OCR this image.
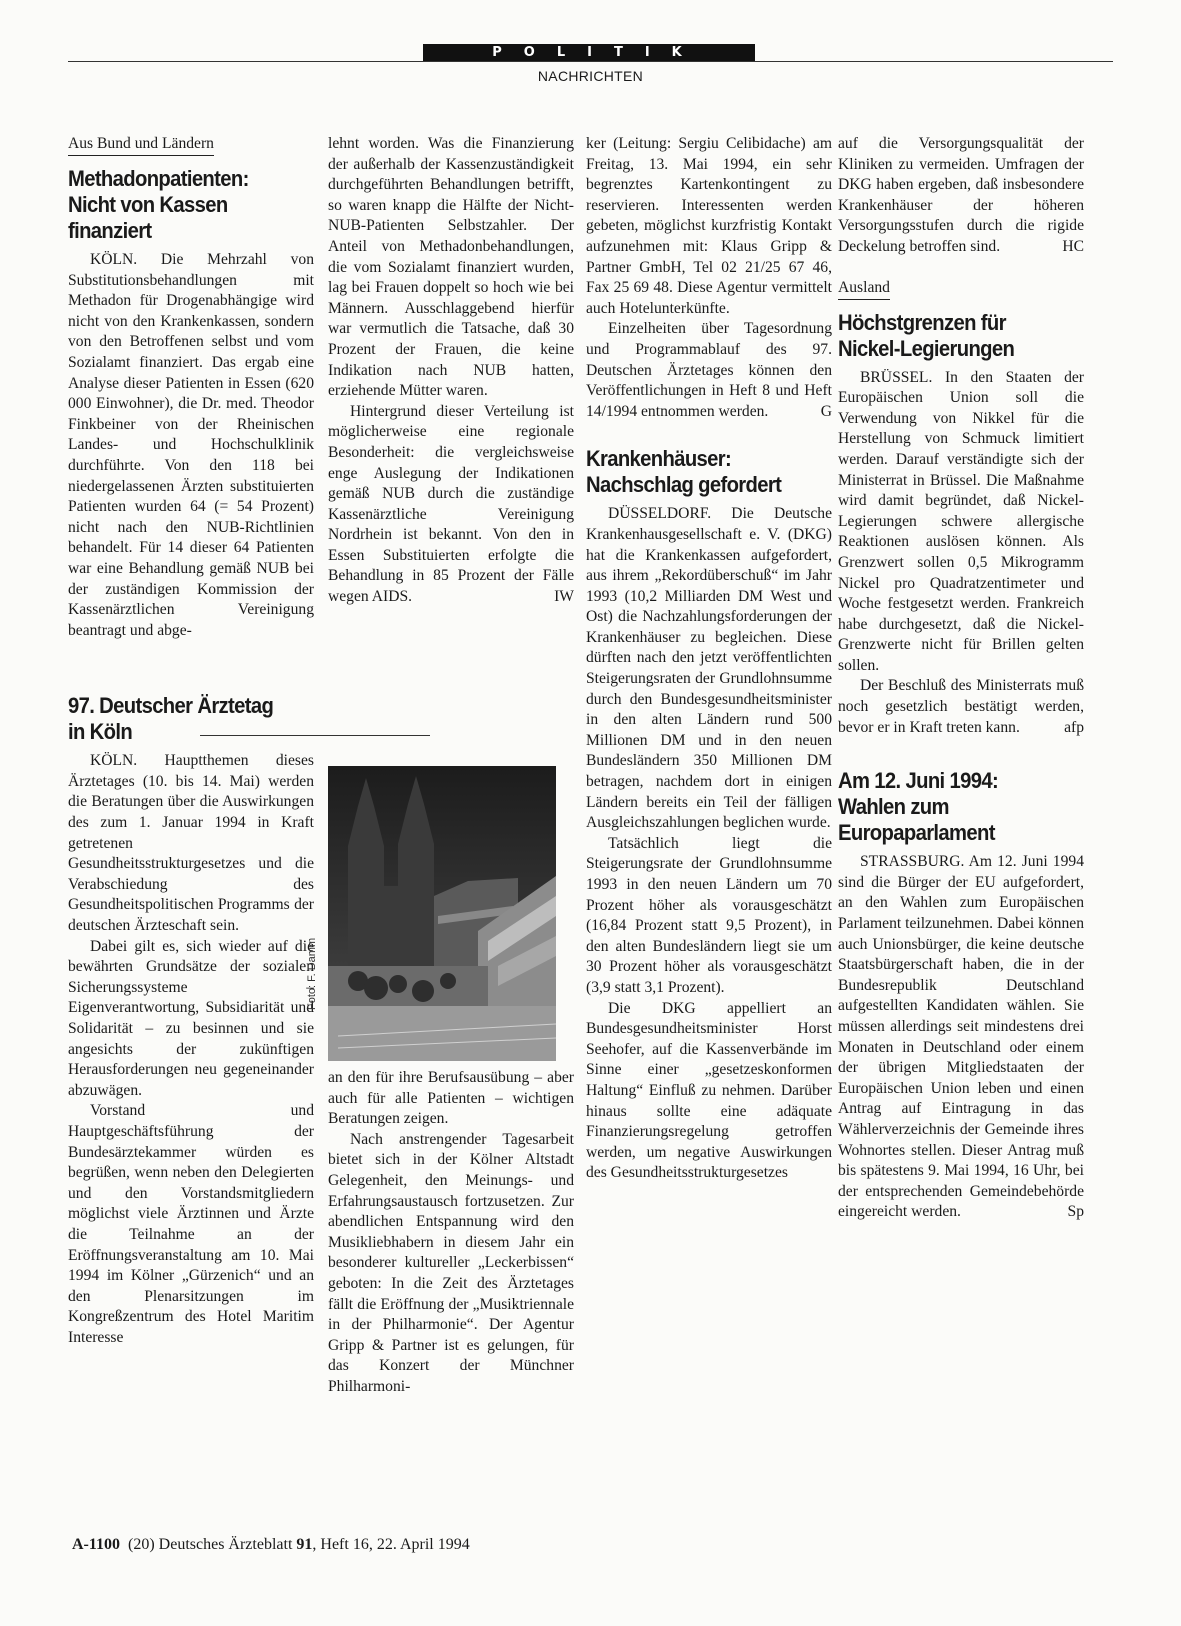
POLITIK
NACHRICHTEN
Aus Bund und Ländern
Methadonpatienten: Nicht von Kassen finanziert

KÖLN. Die Mehrzahl von Substitutionsbehandlungen mit Methadon für Drogenabhängige wird nicht von den Krankenkassen, sondern von den Betroffenen selbst und vom Sozialamt finanziert. Das ergab eine Analyse dieser Patienten in Essen (620 000 Einwohner), die Dr. med. Theodor Finkbeiner von der Rheinischen Landes- und Hochschulklinik durchführte. Von den 118 bei niedergelassenen Ärzten substituierten Patienten wurden 64 (= 54 Prozent) nicht nach den NUB-Richtlinien behandelt. Für 14 dieser 64 Patienten war eine Behandlung gemäß NUB bei der zuständigen Kommission der Kassenärztlichen Vereinigung beantragt und abge-

97. Deutscher Ärztetag in Köln

KÖLN. Hauptthemen dieses Ärztetages (10. bis 14. Mai) werden die Beratungen über die Auswirkungen des zum 1. Januar 1994 in Kraft getretenen Gesundheitsstrukturgesetzes und die Verabschiedung des Gesundheitspolitischen Programms der deutschen Ärzteschaft sein.

Dabei gilt es, sich wieder auf die bewährten Grundsätze der sozialen Sicherungssysteme – Eigenverantwortung, Subsidiarität und Solidarität – zu besinnen und sie angesichts der zukünftigen Herausforderungen neu gegeneinander abzuwägen.

Vorstand und Hauptgeschäftsführung der Bundesärztekammer würden es begrüßen, wenn neben den Delegierten und den Vorstandsmitgliedern möglichst viele Ärztinnen und Ärzte die Teilnahme an der Eröffnungsveranstaltung am 10. Mai 1994 im Kölner „Gürzenich“ und an den Plenarsitzungen im Kongreßzentrum des Hotel Maritim Interesse

lehnt worden. Was die Finanzierung der außerhalb der Kassenzuständigkeit durchgeführten Behandlungen betrifft, so waren knapp die Hälfte der Nicht-NUB-Patienten Selbstzahler. Der Anteil von Methadonbehandlungen, die vom Sozialamt finanziert wurden, lag bei Frauen doppelt so hoch wie bei Männern. Ausschlaggebend hierfür war vermutlich die Tatsache, daß 30 Prozent der Frauen, die keine Indikation nach NUB hatten, erziehende Mütter waren.

Hintergrund dieser Verteilung ist möglicherweise eine regionale Besonderheit: die vergleichsweise enge Auslegung der Indikationen gemäß NUB durch die zuständige Kassenärztliche Vereinigung Nordrhein ist bekannt. Von den in Essen Substituierten erfolgte die Behandlung in 85 Prozent der Fälle wegen AIDS.	IW

Foto: F. Damm

an den für ihre Berufsausübung – aber auch für alle Patienten – wichtigen Beratungen zeigen.

Nach anstrengender Tagesarbeit bietet sich in der Kölner Altstadt Gelegenheit, den Meinungs- und Erfahrungsaustausch fortzusetzen. Zur abendlichen Entspannung wird den Musikliebhabern in diesem Jahr ein besonderer kultureller „Leckerbissen“ geboten: In die Zeit des Ärztetages fällt die Eröffnung der „Musiktriennale in der Philharmonie“. Der Agentur Gripp & Partner ist es gelungen, für das Konzert der Münchner Philharmoni-

ker (Leitung: Sergiu Celibidache) am Freitag, 13. Mai 1994, ein sehr begrenztes Kartenkontingent zu reservieren. Interessenten werden gebeten, möglichst kurzfristig Kontakt aufzunehmen mit: Klaus Gripp & Partner GmbH, Tel 02 21/25 67 46, Fax 25 69 48. Diese Agentur vermittelt auch Hotelunterkünfte.

Einzelheiten über Tagesordnung und Programmablauf des 97. Deutschen Ärztetages können den Veröffentlichungen in Heft 8 und Heft 14/1994 entnommen werden.	G

Krankenhäuser: Nachschlag gefordert

DÜSSELDORF. Die Deutsche Krankenhausgesellschaft e. V. (DKG) hat die Krankenkassen aufgefordert, aus ihrem „Rekordüberschuß“ im Jahr 1993 (10,2 Milliarden DM West und Ost) die Nachzahlungsforderungen der Krankenhäuser zu begleichen. Diese dürften nach den jetzt veröffentlichten Steigerungsraten der Grundlohnsumme durch den Bundesgesundheitsminister in den alten Ländern rund 500 Millionen DM und in den neuen Bundesländern 350 Millionen DM betragen, nachdem dort in einigen Ländern bereits ein Teil der fälligen Ausgleichszahlungen beglichen wurde.

Tatsächlich liegt die Steigerungsrate der Grundlohnsumme 1993 in den neuen Ländern um 70 Prozent höher als vorausgeschätzt (16,84 Prozent statt 9,5 Prozent), in den alten Bundesländern liegt sie um 30 Prozent höher als vorausgeschätzt (3,9 statt 3,1 Prozent).

Die DKG appelliert an Bundesgesundheitsminister Horst Seehofer, auf die Kassenverbände im Sinne einer „gesetzeskonformen Haltung“ Einfluß zu nehmen. Darüber hinaus sollte eine adäquate Finanzierungsregelung getroffen werden, um negative Auswirkungen des Gesundheitsstrukturgesetzes

auf die Versorgungsqualität der Kliniken zu vermeiden. Umfragen der DKG haben ergeben, daß insbesondere Krankenhäuser der höheren Versorgungsstufen durch die rigide Deckelung betroffen sind.	HC

Ausland
Höchstgrenzen für Nickel-Legierungen

BRÜSSEL. In den Staaten der Europäischen Union soll die Verwendung von Nikkel für die Herstellung von Schmuck limitiert werden. Darauf verständigte sich der Ministerrat in Brüssel. Die Maßnahme wird damit begründet, daß Nickel-Legierungen schwere allergische Reaktionen auslösen können. Als Grenzwert sollen 0,5 Mikrogramm Nickel pro Quadratzentimeter und Woche festgesetzt werden. Frankreich habe durchgesetzt, daß die Nickel-Grenzwerte nicht für Brillen gelten sollen.

Der Beschluß des Ministerrats muß noch gesetzlich bestätigt werden, bevor er in Kraft treten kann.	afp

Am 12. Juni 1994: Wahlen zum Europaparlament

STRASSBURG. Am 12. Juni 1994 sind die Bürger der EU aufgefordert, an den Wahlen zum Europäischen Parlament teilzunehmen. Dabei können auch Unionsbürger, die keine deutsche Staatsbürgerschaft haben, die in der Bundesrepublik Deutschland aufgestellten Kandidaten wählen. Sie müssen allerdings seit mindestens drei Monaten in Deutschland oder einem der übrigen Mitgliedstaaten der Europäischen Union leben und einen Antrag auf Eintragung in das Wählerverzeichnis der Gemeinde ihres Wohnortes stellen. Dieser Antrag muß bis spätestens 9. Mai 1994, 16 Uhr, bei der entsprechenden Gemeindebehörde eingereicht werden.	Sp

A-1100 (20) Deutsches Ärzteblatt 91, Heft 16, 22. April 1994
